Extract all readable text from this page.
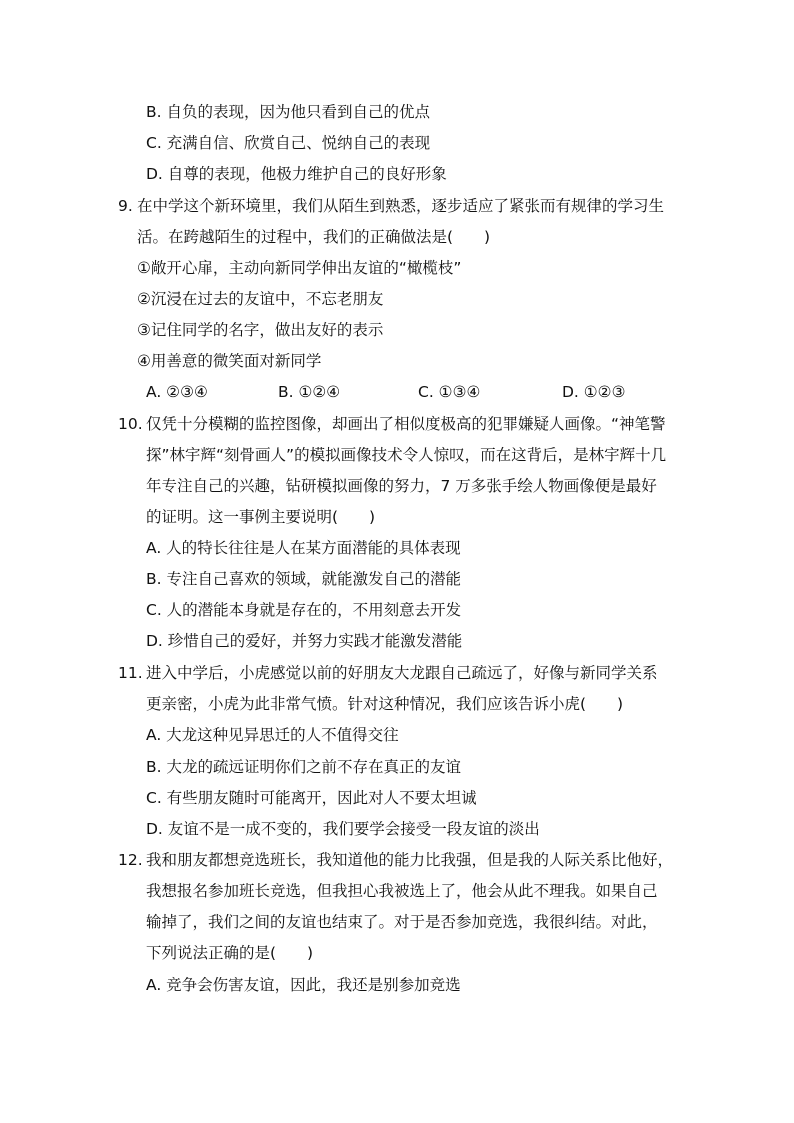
B. 自负的表现，因为他只看到自己的优点
C. 充满自信、欣赏自己、悦纳自己的表现
D. 自尊的表现，他极力维护自己的良好形象
9. 在中学这个新环境里，我们从陌生到熟悉，逐步适应了紧张而有规律的学习生
活。在跨越陌生的过程中，我们的正确做法是(　　)
①敞开心扉，主动向新同学伸出友谊的“橄榄枝”
②沉浸在过去的友谊中，不忘老朋友
③记住同学的名字，做出友好的表示
④用善意的微笑面对新同学
A. ②③④	B. ①②④	C. ①③④	D. ①②③
10. 仅凭十分模糊的监控图像，却画出了相似度极高的犯罪嫌疑人画像。“神笔警
探”林宇辉“刻骨画人”的模拟画像技术令人惊叹，而在这背后，是林宇辉十几
年专注自己的兴趣，钻研模拟画像的努力，7 万多张手绘人物画像便是最好
的证明。这一事例主要说明(　　)
A. 人的特长往往是人在某方面潜能的具体表现
B. 专注自己喜欢的领域，就能激发自己的潜能
C. 人的潜能本身就是存在的，不用刻意去开发
D. 珍惜自己的爱好，并努力实践才能激发潜能
11. 进入中学后，小虎感觉以前的好朋友大龙跟自己疏远了，好像与新同学关系
更亲密，小虎为此非常气愤。针对这种情况，我们应该告诉小虎(　　)
A. 大龙这种见异思迁的人不值得交往
B. 大龙的疏远证明你们之前不存在真正的友谊
C. 有些朋友随时可能离开，因此对人不要太坦诚
D. 友谊不是一成不变的，我们要学会接受一段友谊的淡出
12. 我和朋友都想竞选班长，我知道他的能力比我强，但是我的人际关系比他好，
我想报名参加班长竞选，但我担心我被选上了，他会从此不理我。如果自己
输掉了，我们之间的友谊也结束了。对于是否参加竞选，我很纠结。对此，
下列说法正确的是(　　)
A. 竞争会伤害友谊，因此，我还是别参加竞选
